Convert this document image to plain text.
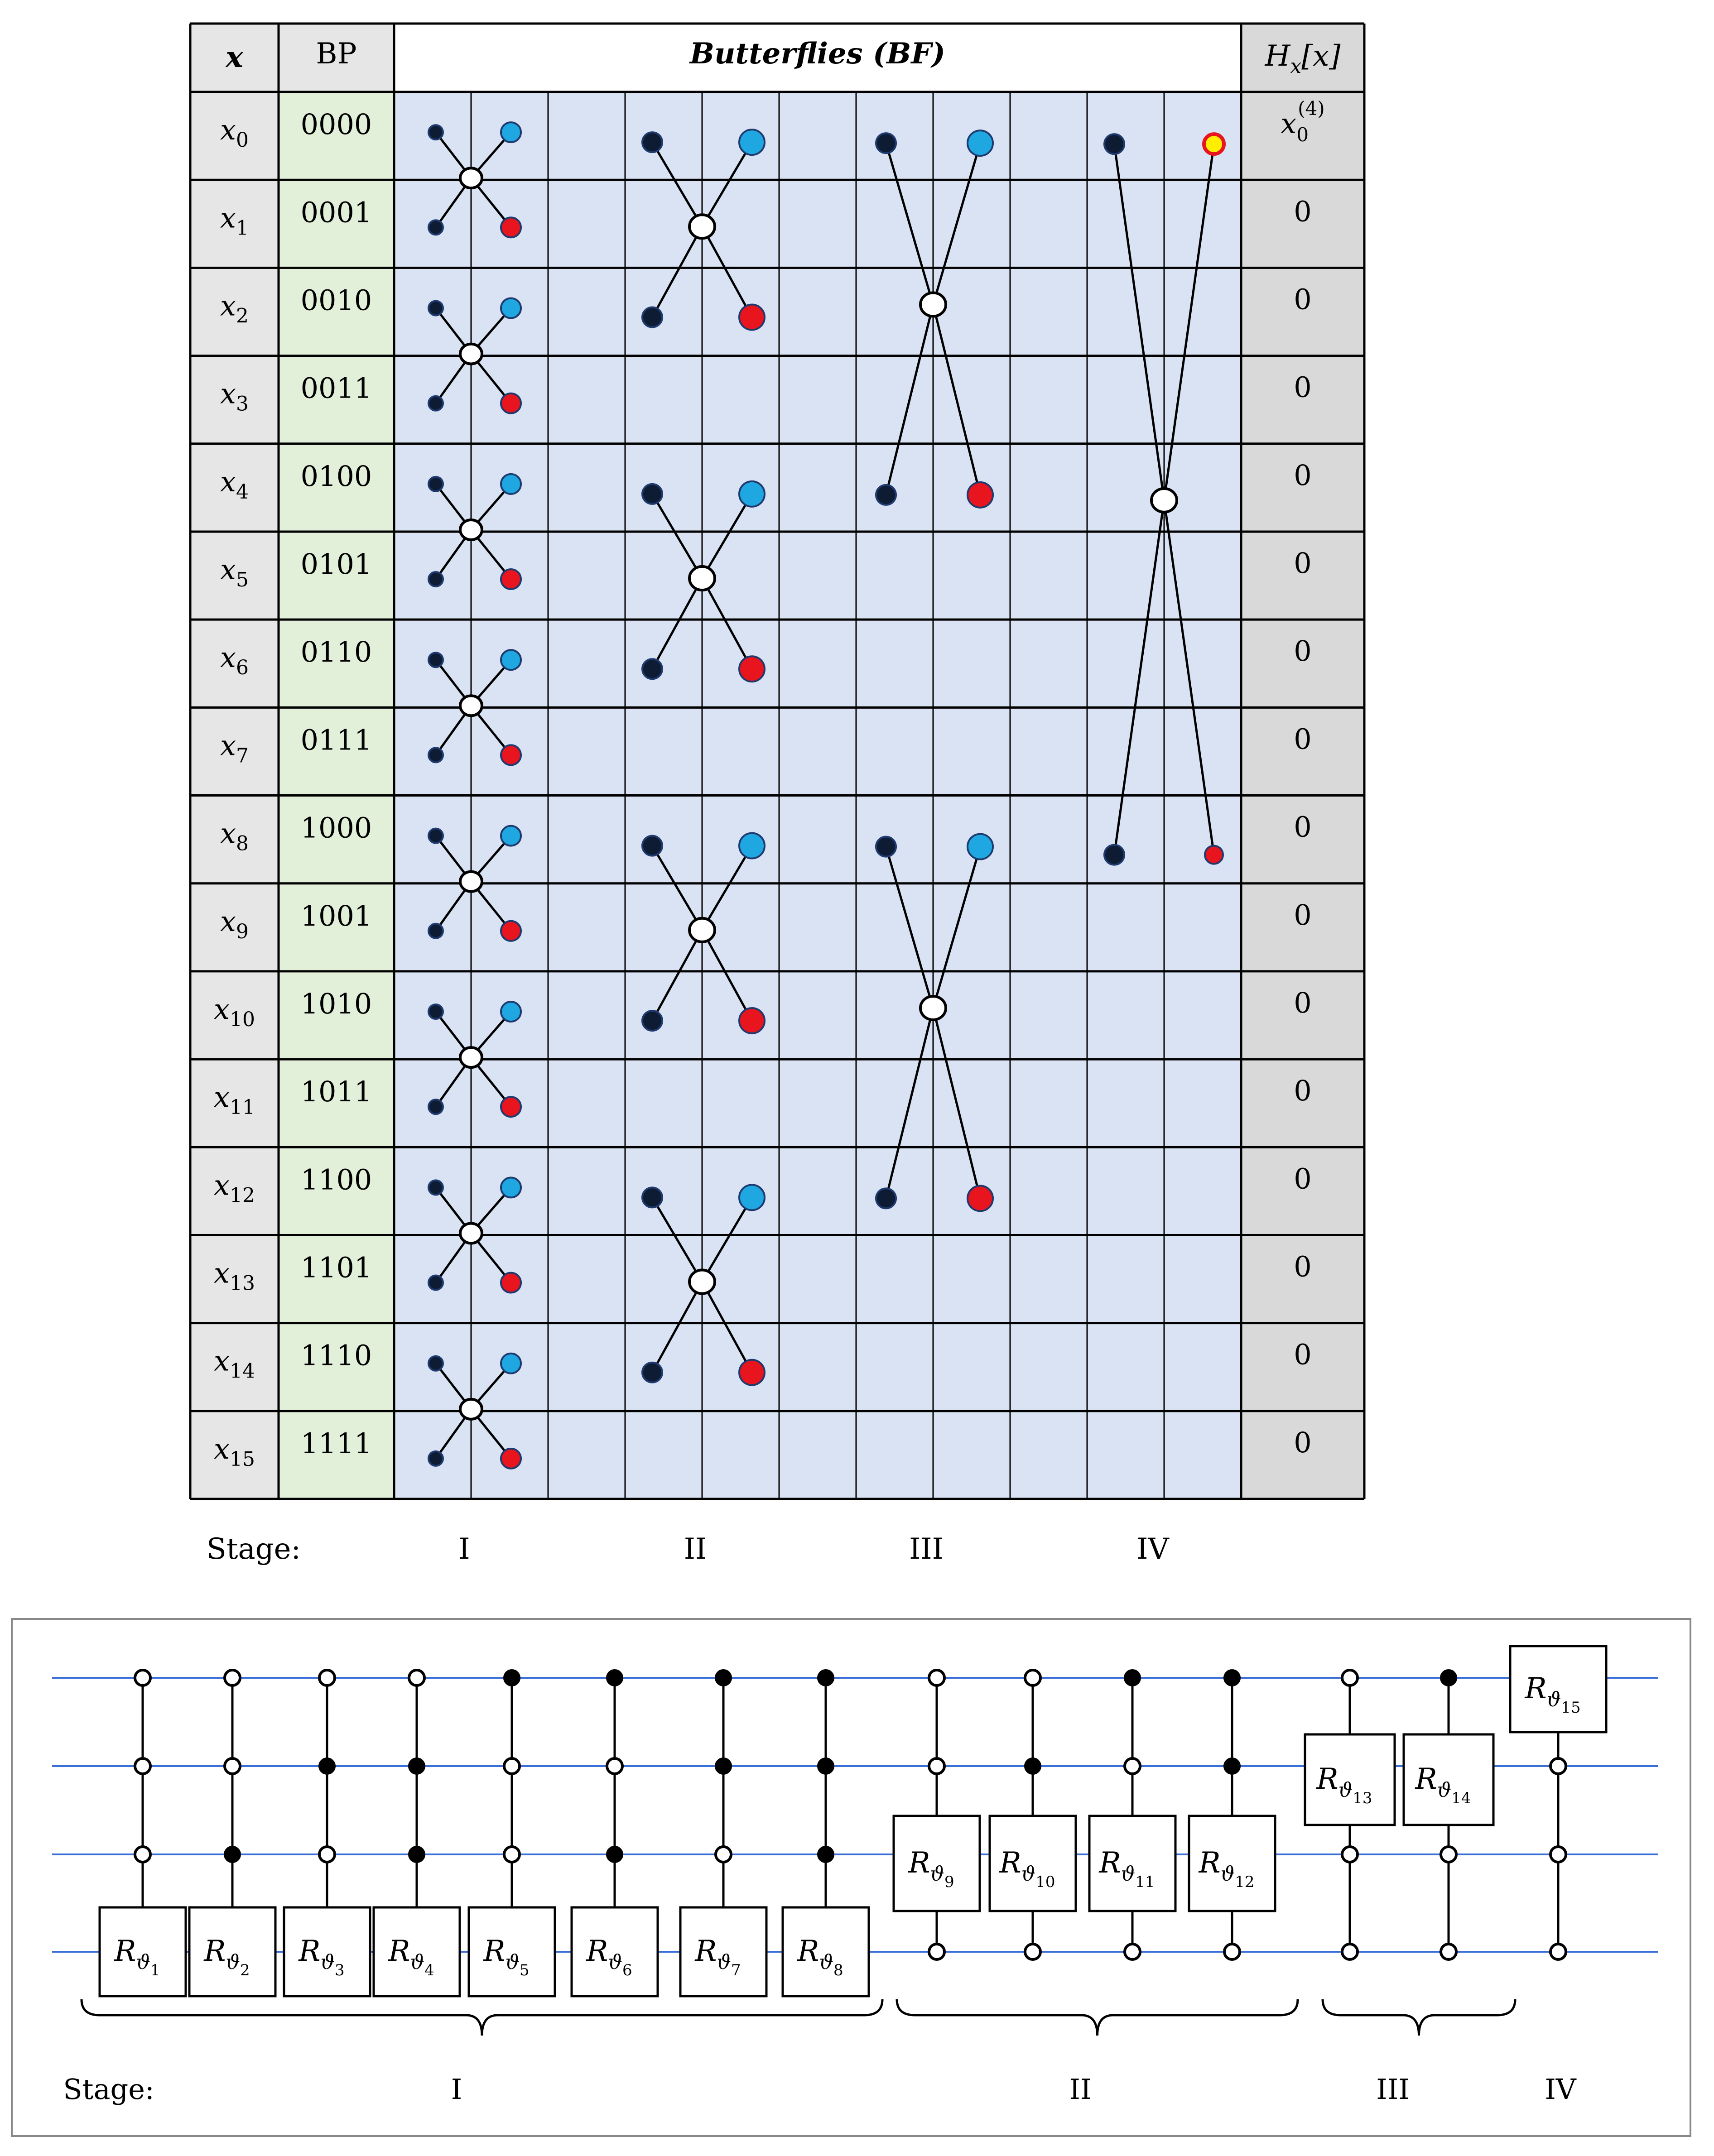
x	BP	Butterflies (BF)	$H_x[x]$
$x_0$ 0000	$x_0(4)$
$x_1$ 0001	0
$x_2$ 0010	0
$x_3$ 0011	0
$x_4$ 0100	0
$x_5$ 0101	0
$x_6$ 0110	0
$x_7$ 0111	0
$x_8$ 1000	0
$x_9$ 1001	0
$x_{10}$ 1010	0
$x_{11}$ 1011	0
$x_{12}$ 1100	0
$x_{13}$ 1101	0
$x_{14}$ 1110	0
$x_{15}$ 1111	0
Stage:	I	II	III	IV
$R_{ϑ1}$
$R_{ϑ2}$
$R_{ϑ3}$
$R_{ϑ4}$
$R_{ϑ5}$
$R_{ϑ6}$
$R_{ϑ7}$
$R_{ϑ8}$
$R_{ϑ9}$
$R_{ϑ10}$
$R_{ϑ11}$
$R_{ϑ12}$
$R_{ϑ13}$
$R_{ϑ14}$
$R_{ϑ15}$
Stage:	I	II	III	IV
